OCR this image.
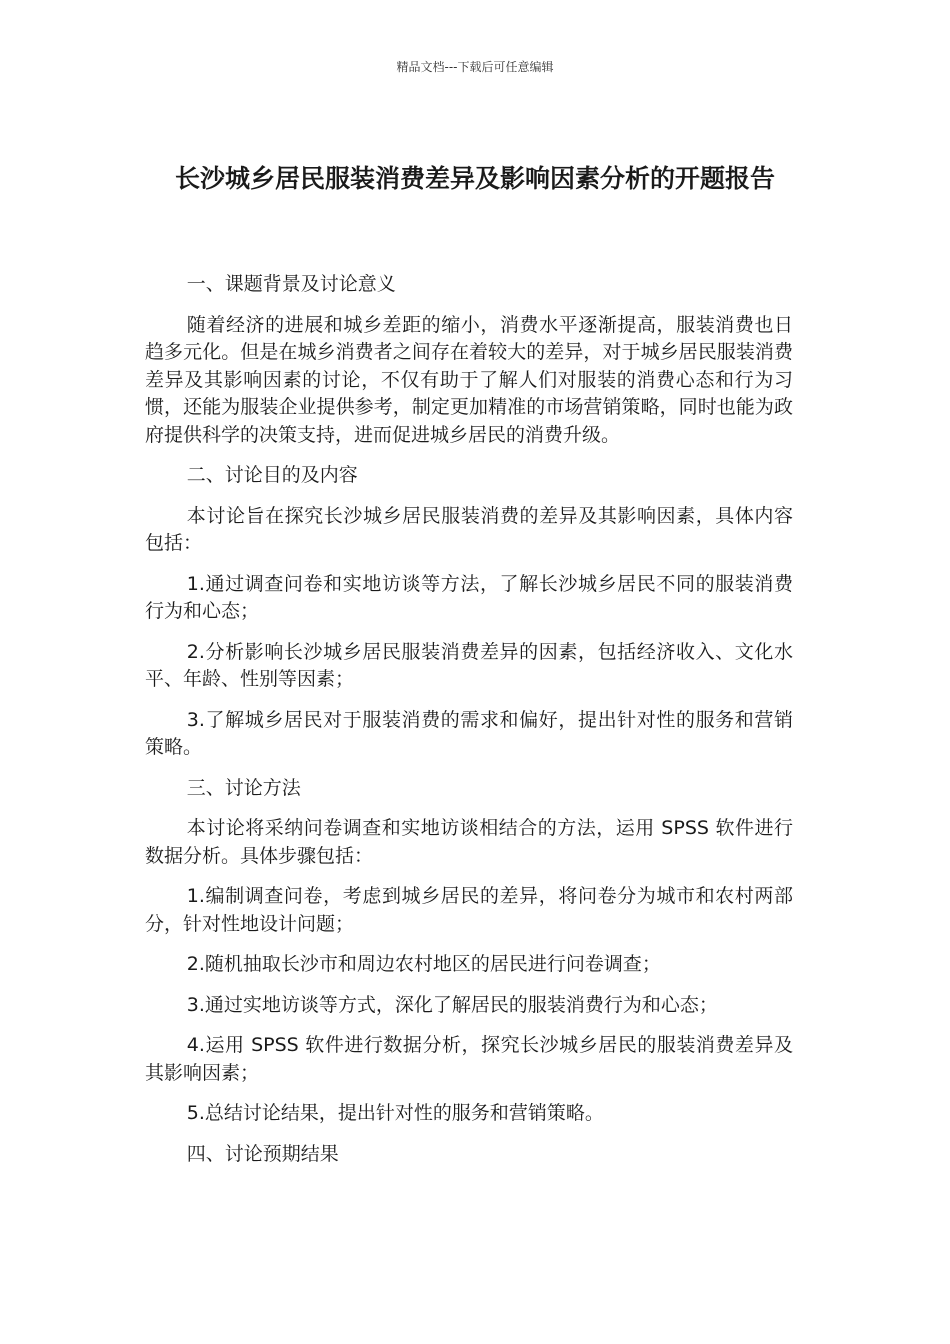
精品文档---下载后可任意编辑
长沙城乡居民服装消费差异及影响因素分析的开题报告

一、课题背景及讨论意义

随着经济的进展和城乡差距的缩小，消费水平逐渐提高，服装消费也日趋多元化。但是在城乡消费者之间存在着较大的差异，对于城乡居民服装消费差异及其影响因素的讨论，不仅有助于了解人们对服装的消费心态和行为习惯，还能为服装企业提供参考，制定更加精准的市场营销策略，同时也能为政府提供科学的决策支持，进而促进城乡居民的消费升级。

二、讨论目的及内容

本讨论旨在探究长沙城乡居民服装消费的差异及其影响因素，具体内容包括：

1.通过调查问卷和实地访谈等方法，了解长沙城乡居民不同的服装消费行为和心态；

2.分析影响长沙城乡居民服装消费差异的因素，包括经济收入、文化水平、年龄、性别等因素；

3.了解城乡居民对于服装消费的需求和偏好，提出针对性的服务和营销策略。

三、讨论方法

本讨论将采纳问卷调查和实地访谈相结合的方法，运用 SPSS 软件进行数据分析。具体步骤包括：

1.编制调查问卷，考虑到城乡居民的差异，将问卷分为城市和农村两部分，针对性地设计问题；

2.随机抽取长沙市和周边农村地区的居民进行问卷调查；

3.通过实地访谈等方式，深化了解居民的服装消费行为和心态；

4.运用 SPSS 软件进行数据分析，探究长沙城乡居民的服装消费差异及其影响因素；

5.总结讨论结果，提出针对性的服务和营销策略。

四、讨论预期结果
